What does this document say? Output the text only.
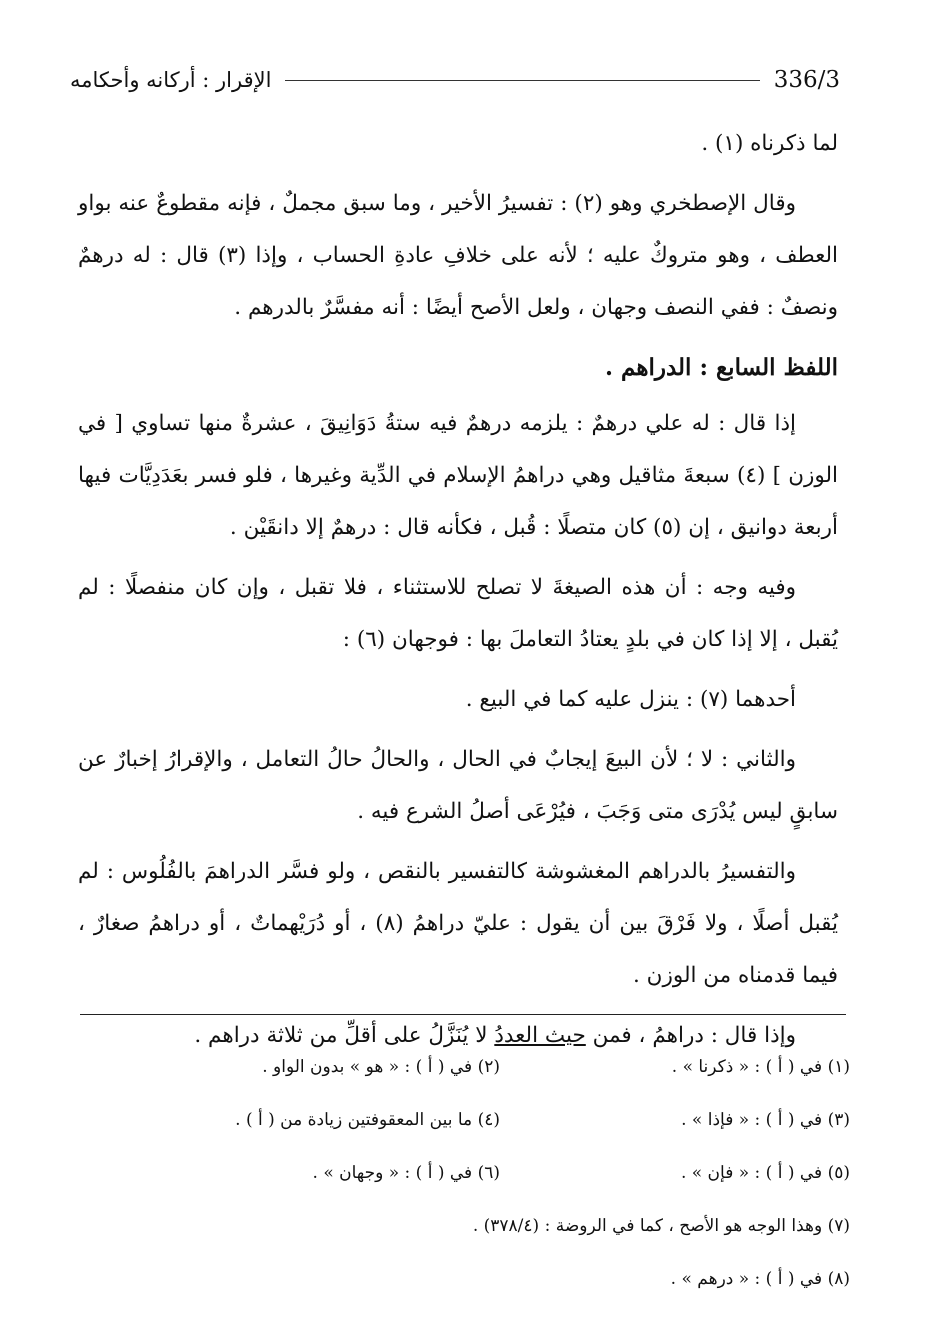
الإقرار : أركانه وأحكامه	336/3

لما ذكرناه (١) .

وقال الإصطخري وهو (٢) : تفسيرُ الأخير ، وما سبق مجملٌ ، فإنه مقطوعٌ عنه بواو العطف ، وهو متروكٌ عليه ؛ لأنه على خلافِ عادةِ الحساب ، وإذا (٣) قال : له درهمٌ ونصفٌ : ففي النصف وجهان ، ولعل الأصح أيضًا : أنه مفسَّرٌ بالدرهم .

اللفظ السابع : الدراهم .

إذا قال : له علي درهمٌ : يلزمه درهمٌ فيه ستةُ دَوَانِيقَ ، عشرةٌ منها تساوي [ في الوزن ] (٤) سبعةَ مثاقيل وهي دراهمُ الإسلام في الدِّية وغيرها ، فلو فسر بعَدَدِيَّات فيها أربعة دوانيق ، إن (٥) كان متصلًا : قُبل ، فكأنه قال : درهمٌ إلا دانقَيْن .

وفيه وجه : أن هذه الصيغةَ لا تصلح للاستثناء ، فلا تقبل ، وإن كان منفصلًا : لم يُقبل ، إلا إذا كان في بلدٍ يعتادُ التعاملَ بها : فوجهان (٦) :

أحدهما (٧) : ينزل عليه كما في البيع .

والثاني : لا ؛ لأن البيعَ إيجابٌ في الحال ، والحالُ حالُ التعامل ، والإقرارُ إخبارٌ عن سابقٍ ليس يُدْرَى متى وَجَبَ ، فيُرْعَى أصلُ الشرع فيه .

والتفسيرُ بالدراهم المغشوشة كالتفسير بالنقص ، ولو فسَّر الدراهمَ بالفُلُوس : لم يُقبل أصلًا ، ولا فَرْقَ بين أن يقول : عليّ دراهمُ (٨) ، أو دُرَيْهماتٌ ، أو دراهمُ صغارٌ ، فيما قدمناه من الوزن .

وإذا قال : دراهمُ ، فمن حيث العددُ لا يُنَزَّلُ على أقلِّ من ثلاثة دراهم .

(١) في ( أ ) : « ذكرنا » .
(٢) في ( أ ) : « هو » بدون الواو .
(٣) في ( أ ) : « فإذا » .
(٤) ما بين المعقوفتين زيادة من ( أ ) .
(٥) في ( أ ) : « فإن » .
(٦) في ( أ ) : « وجهان » .
(٧) وهذا الوجه هو الأصح ، كما في الروضة : (٣٧٨/٤) .
(٨) في ( أ ) : « درهم » .
